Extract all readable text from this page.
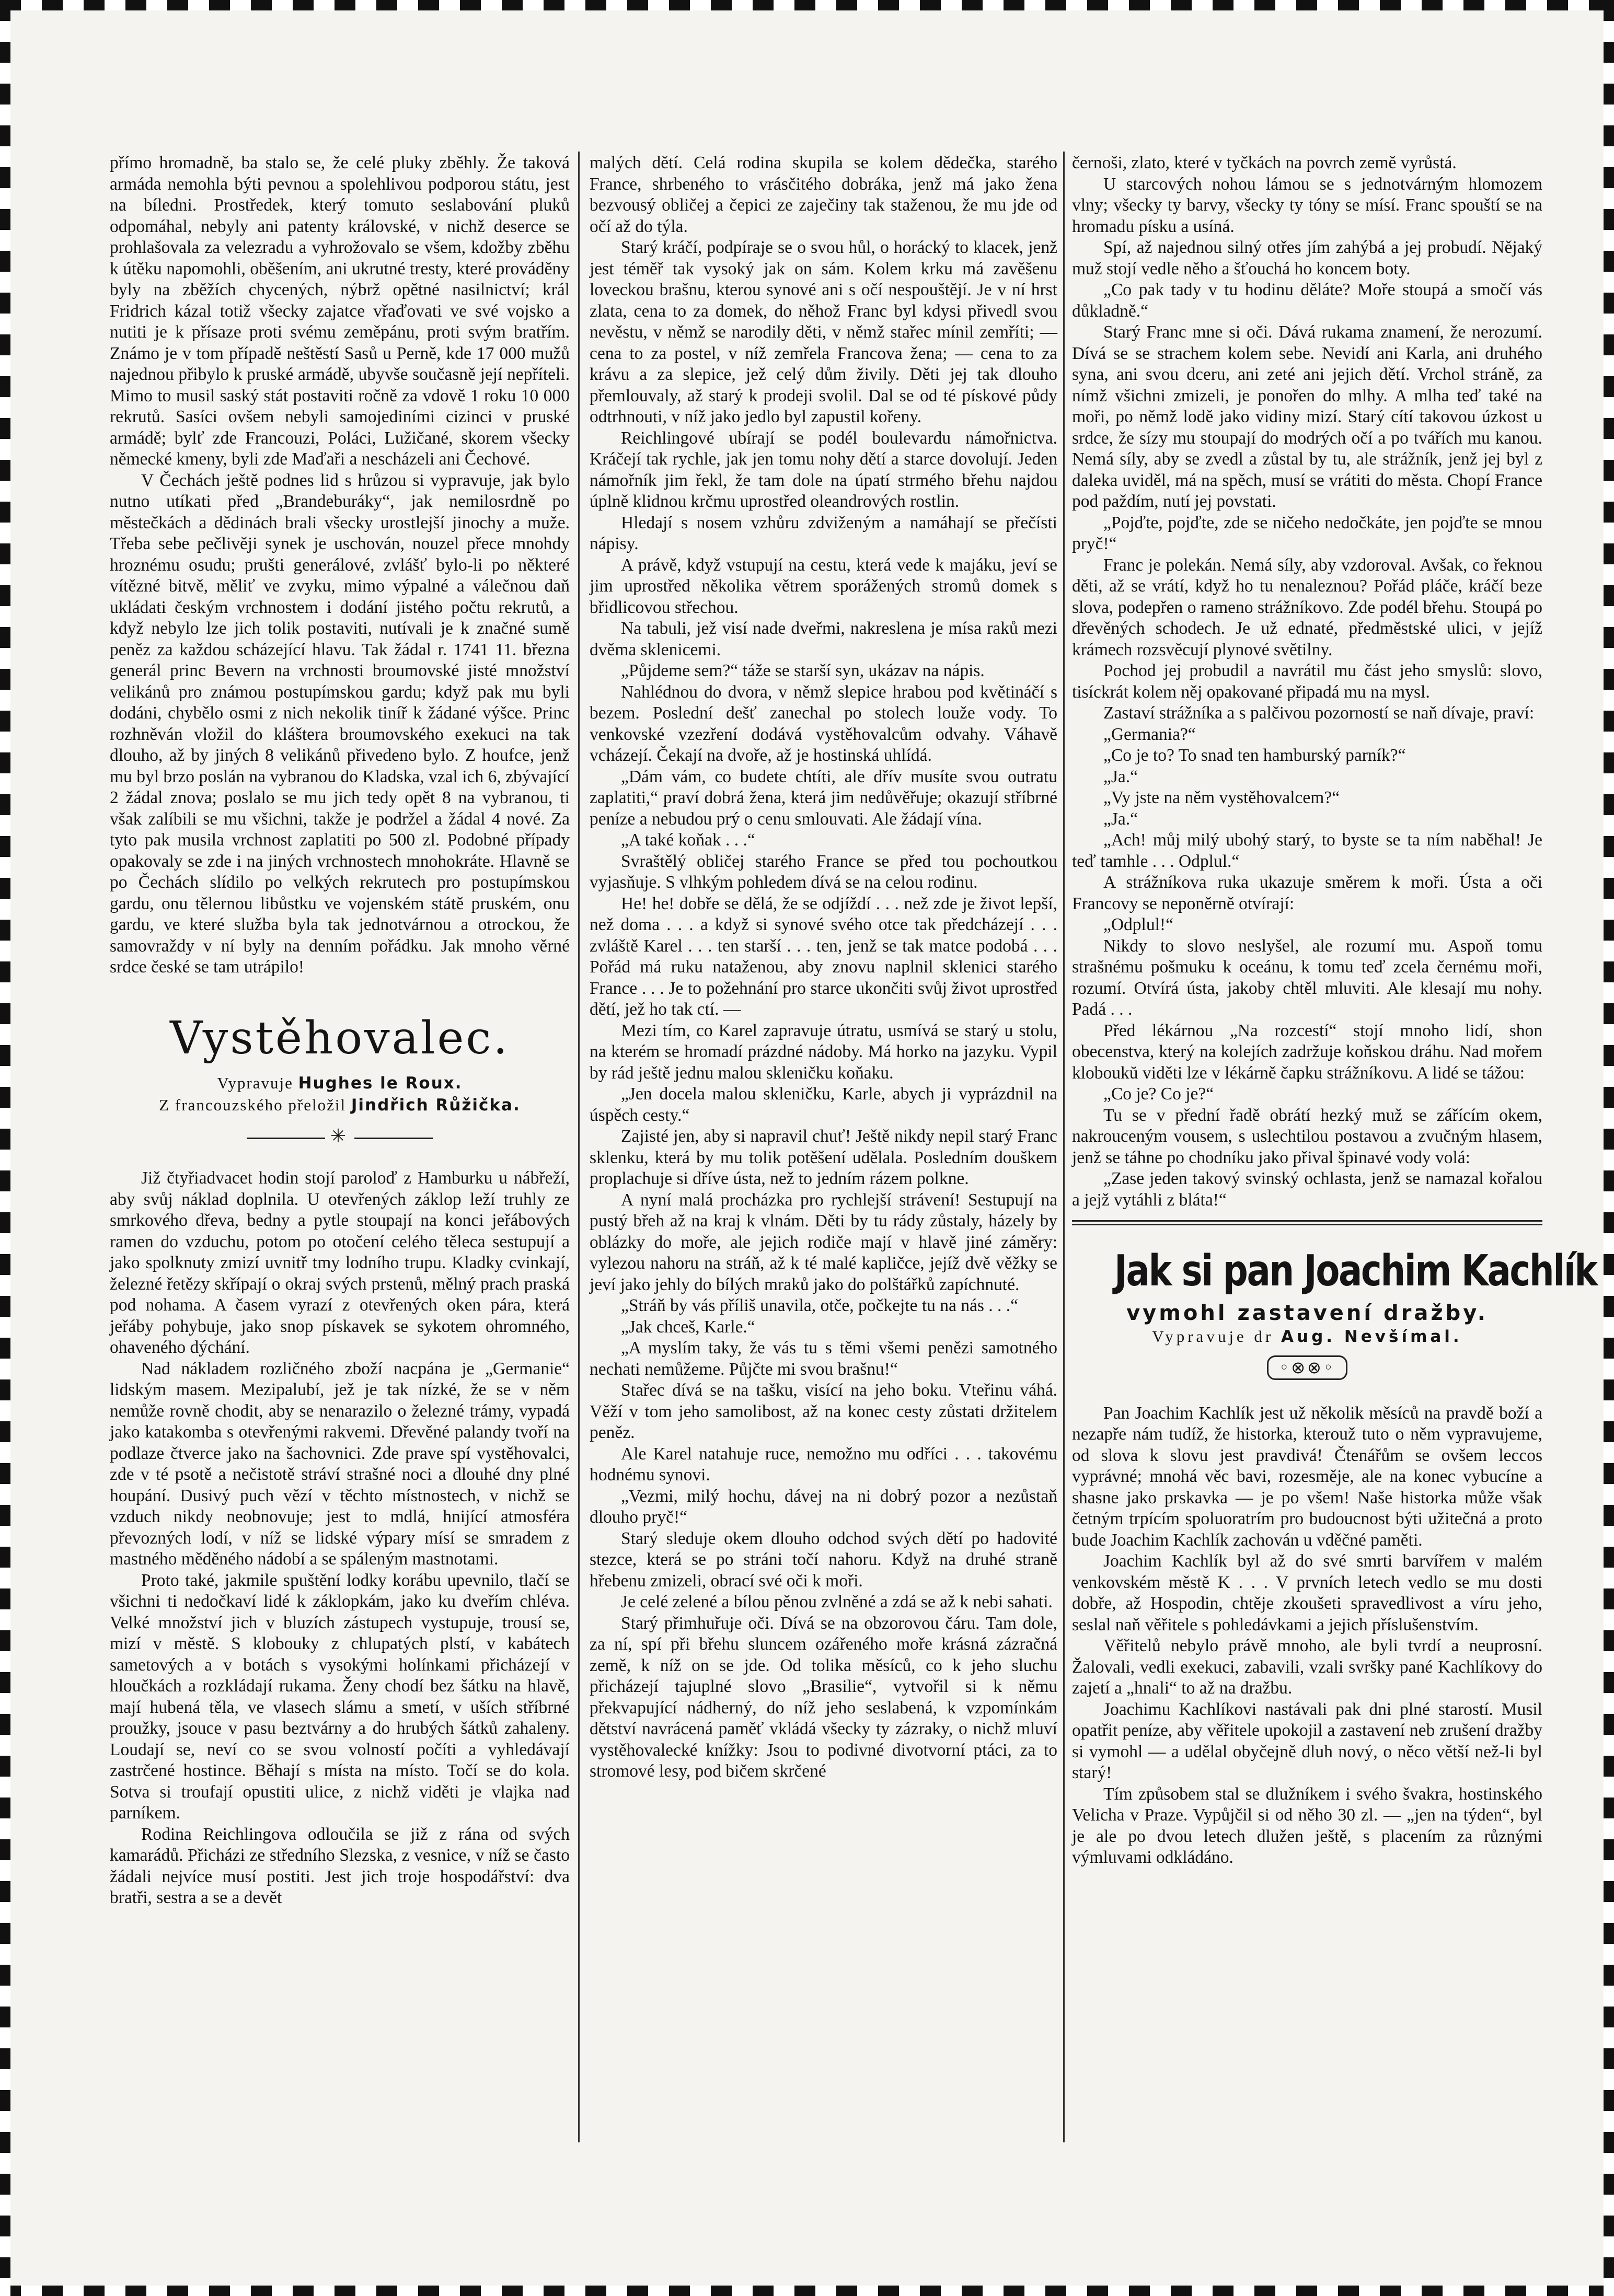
přímo hromadně, ba stalo se, že celé pluky zběhly. Že taková armáda nemohla býti pevnou a spolehlivou podporou státu, jest na bíledni. Prostředek, který tomuto seslabování pluků odpomáhal, nebyly ani patenty královské, v nichž deserce se prohlašovala za velezradu a vyhrožovalo se všem, kdožby zběhu k útěku napomohli, oběšením, ani ukrutné tresty, které prováděny byly na zběžích chycených, nýbrž opětné nasilnictví; král Fridrich kázal totiž všecky zajatce vřaďovati ve své vojsko a nutiti je k přísaze proti svému zeměpánu, proti svým bratřím. Známo je v tom případě neštěstí Sasů u Perně, kde 17 000 mužů najednou přibylo k pruské armádě, ubyvše současně její nepříteli. Mimo to musil saský stát postaviti ročně za vdově 1 roku 10 000 rekrutů. Sasíci ovšem nebyli samojediními cizinci v pruské armádě; bylť zde Francouzi, Poláci, Lužičané, skorem všecky německé kmeny, byli zde Maďaři a nescházeli ani Čechové.

V Čechách ještě podnes lid s hrůzou si vypravuje, jak bylo nutno utíkati před „Brandeburáky“, jak nemilosrdně po městečkách a dědinách brali všecky urostlejší jinochy a muže. Třeba sebe pečlivěji synek je uschován, nouzel přece mnohdy hroznému osudu; prušti generálové, zvlášť bylo-li po některé vítězné bitvě, měliť ve zvyku, mimo výpalné a válečnou daň ukládati českým vrchnostem i dodání jistého počtu rekrutů, a když nebylo lze jich tolik postaviti, nutívali je k značné sumě peněz za každou scházející hlavu. Tak žádal r. 1741 11. března generál princ Bevern na vrchnosti broumovské jisté množství velikánů pro známou postupímskou gardu; když pak mu byli dodáni, chybělo osmi z nich nekolik tiníř k žádané výšce. Princ rozhněván vložil do kláštera broumovského exekuci na tak dlouho, až by jiných 8 velikánů přivedeno bylo. Z houfce, jenž mu byl brzo poslán na vybranou do Kladska, vzal ich 6, zbývající 2 žádal znova; poslalo se mu jich tedy opět 8 na vybranou, ti však zalíbili se mu všichni, takže je podržel a žádal 4 nové. Za tyto pak musila vrchnost zaplatiti po 500 zl. Podobné případy opakovaly se zde i na jiných vrchnostech mnohokráte. Hlavně se po Čechách slídilo po velkých rekrutech pro postupímskou gardu, onu tělernou libůstku ve vojenském státě pruském, onu gardu, ve které služba byla tak jednotvárnou a otrockou, že samovraždy v ní byly na denním pořádku. Jak mnoho věrné srdce české se tam utrápilo!

Vystěhovalec.

Vypravuje Hughes le Roux.

Z francouzského přeložil Jindřich Růžička.

✳

Již čtyřiadvacet hodin stojí paroloď z Hamburku u nábřeží, aby svůj náklad doplnila. U otevřených záklop leží truhly ze smrkového dřeva, bedny a pytle stoupají na konci jeřábových ramen do vzduchu, potom po otočení celého těleса sestupují a jako spolknuty zmizí uvnitř tmy lodního trupu. Kladky cvinkají, železné řetězy skřípají o okraj svých prstenů, mělný prach praská pod nohama. A časem vyrazí z otevřených oken pára, která jeřáby pohybuje, jako snop pískavek se sykotem ohromného, ohaveného dýchání.

Nad nákladem rozličného zboží nacpána je „Germanie“ lidským masem. Mezipalubí, jež je tak nízké, že se v něm nemůže rovně chodit, aby se nenarazilo o železné trámy, vypadá jako katakomba s otevřenými rakvemi. Dřevěné palandy tvoří na podlaze čtverce jako na šachovnici. Zde prave spí vystěhovalci, zde v té psotě a nečistotě stráví strašné noci a dlouhé dny plné houpání. Dusivý puch vězí v těchto místnostech, v nichž se vzduch nikdy neobnovuje; jest to mdlá, hnijící atmosféra převozných lodí, v níž se lidské výpary mísí se smradem z mastného měděného nádobí a se spáleným mastnotami.

Proto také, jakmile spuštění lodky korábu upevnilo, tlačí se všichni ti nedočkaví lidé k záklopkám, jako ku dveřím chléva. Velké množství jich v bluzích zástupech vystupuje, trousí se, mizí v městě. S klobouky z chlupatých plstí, v kabátech sametových a v botách s vysokými holínkami přicházejí v hloučkách a rozkládají rukama. Ženy chodí bez šátku na hlavě, mají hubená těla, ve vlasech slámu a smetí, v uších stříbrné proužky, jsouce v pasu beztvárny a do hrubých šátků zahaleny. Loudají se, neví co se svou volností počíti a vyhledávají zastrčené hostince. Běhají s místa na místo. Točí se do kola. Sotva si troufají opustiti ulice, z nichž vidětі je vlajka nad parníkem.

Rodina Reichlingova odloučila se již z rána od svých kamarádů. Přicházi ze středního Slezska, z vesnice, v níž se často žádali nejvíce musí postiti. Jest jich troje hospodářství: dva bratři, sestra a se a devět

malých dětí. Celá rodina skupila se kolem dědečka, starého France, shrbeného to vrásčitého dobráka, jenž má jako žena bezvousý obličej a čepici ze zaječiny tak staženou, že mu jde od očí až do týla.

Starý kráčí, podpíraje se o svou hůl, o horácký to klacek, jenž jest téměř tak vysoký jak on sám. Kolem krku má zavěšenu loveckou brašnu, kterou synové ani s očí nespouštějí. Je v ní hrst zlata, cena to za domek, do něhož Franc byl kdysi přivedl svou nevěstu, v němž se narodily děti, v němž stařec mínil zemříti; — cena to za postel, v níž zemřela Francova žena; — cena to za krávu a za slepice, jež celý dům živily. Děti jej tak dlouho přemlouvaly, až starý k prodeji svolil. Dal se od té pískové půdy odtrhnouti, v níž jako jedlo byl zapustil kořeny.

Reichlingové ubírají se podél boulevardu námořnictva. Kráčejí tak rychle, jak jen tomu nohy dětí a starce dovolují. Jeden námořník jim řekl, že tam dole na úpatí strmého břehu najdou úplně klidnou krčmu uprostřed oleandrových rostlin.

Hledají s nosem vzhůru zdviženým a namáhají se přečísti nápisy.

A právě, když vstupují na cestu, která vede k majáku, jeví se jim uprostřed několika větrem sporážených stromů domek s břidlicovou střechou.

Na tabuli, jež visí nade dveřmi, nakreslena je mísa raků mezi dvěma sklenicemi.

„Půjdeme sem?“ táže se starší syn, ukázav na nápis.

Nahlédnou do dvora, v němž slepice hrabou pod květináčí s bezem. Poslední dešť zanechal po stolech louže vody. To venkovské vzezření dodává vystěhovalcům odvahy. Váhavě vcházejí. Čekají na dvoře, až je hostinská uhlídá.

„Dám vám, co budete chtíti, ale dřív musíte svou outratu zaplatiti,“ praví dobrá žena, která jim nedůvěřuje; okazují stříbrné peníze a nebudou prý o cenu smlouvati. Ale žádají vína.

„A také koňak . . .“

Svraštělý obličej starého France se před tou pochoutkou vyjasňuje. S vlhkým pohledem dívá se na celou rodinu.

He! he! dobře se dělá, že se odjíždí . . . než zde je život lepší, než doma . . . a když si synové svého otce tak předcházejí . . . zvláště Karel . . . ten starší . . . ten, jenž se tak matce podobá . . . Pořád má ruku nataženou, aby znovu naplnil sklenici starého France . . . Je to požehnání pro starce ukončiti svůj život uprostřed dětí, jež ho tak ctí. —

Mezi tím, co Karel zapravuje útratu, usmívá se starý u stolu, na kterém se hromadí prázdné nádoby. Má horko na jazyku. Vypil by rád ještě jednu malou skleničku koňaku.

„Jen docela malou skleničku, Karle, abych ji vyprázdnil na úspěch cesty.“

Zajisté jen, aby si napravil chuť! Ještě nikdy nepil starý Franc sklenku, která by mu tolik potěšení udělala. Posledním douškem proplachuje si dříve ústa, než to jedním rázem polkne.

A nyní malá procházka pro rychlejší strávení! Sestupují na pustý břeh až na kraj k vlnám. Děti by tu rády zůstaly, házely by oblázky do moře, ale jejich rodiče mají v hlavě jiné záměry: vylezou nahoru na stráň, až k té malé kapličce, jejíž dvě věžky se jeví jako jehly do bílých mraků jako do polštářků zapíchnuté.

„Stráň by vás příliš unavila, otče, počkejte tu na nás . . .“

„Jak chceš, Karle.“

„A myslím taky, že vás tu s těmi všemi penězi samotného nechati nemůžeme. Půjčte mi svou brašnu!“

Stařec dívá se na tašku, visící na jeho boku. Vteřinu váhá. Věží v tom jeho samolibost, až na konec cesty zůstati držitelem peněz.

Ale Karel natahuje ruce, nemožno mu odříci . . . takovému hodnému synovi.

„Vezmi, milý hochu, dávej na ni dobrý pozor a nezůstaň dlouho pryč!“

Starý sleduje okem dlouho odchod svých dětí po hadovité stezce, která se po stráni točí nahoru. Když na druhé straně hřebenu zmizeli, obrací své oči k moři.

Je celé zelené a bílou pěnou zvlněné a zdá se až k nebi sahati.

Starý přimhuřuje oči. Dívá se na obzorovou čáru. Tam dole, za ní, spí při břehu sluncem ozářeného moře krásná zázračná země, k níž on se jde. Od tolika měsíců, co k jeho sluchu přicházejí tajuplné slovo „Brasilie“, vytvořil si k němu překvapující nádherný, do níž jeho seslabená, k vzpomínkám dětství navrácená paměť vkládá všecky ty zázraky, o nichž mluví vystěhovalecké knížky: Jsou to podivné divotvorní ptáci, za to stromové lesy, pod bičem skrčené

černoši, zlato, které v tyčkách na povrch země vyrůstá.

U starcových nohou lámou se s jednotvárným hlomozem vlny; všecky ty barvy, všecky ty tóny se mísí. Franc spouští se na hromadu písku a usíná.

Spí, až najednou silný otřes jím zahýbá a jej probudí. Nějaký muž stojí vedle něho a šťouchá ho koncem boty.

„Co pak tady v tu hodinu děláte? Moře stoupá a smočí vás důkladně.“

Starý Franc mne si oči. Dává rukama znamení, že nerozumí. Dívá se se strachem kolem sebe. Nevidí ani Karla, ani druhého syna, ani svou dceru, ani zeté ani jejich dětí. Vrchol stráně, za nímž všichni zmizeli, je ponořen do mlhy. A mlha teď také na moři, po němž lodě jako vidiny mizí. Starý cítí takovou úzkost u srdce, že sízy mu stoupají do modrých očí a po tvářích mu kanou. Nemá síly, aby se zvedl a zůstal by tu, ale strážník, jenž jej byl z daleka uviděl, má na spěch, musí se vrátiti do města. Chopí France pod paždím, nutí jej povstati.

„Pojďte, pojďte, zde se ničeho nedočkáte, jen pojďte se mnou pryč!“

Franc je polekán. Nemá síly, aby vzdoroval. Avšak, co řeknou děti, až se vrátí, když ho tu nenaleznou? Pořád pláče, kráčí beze slova, podepřen o rameno strážníkovo. Zde podél břehu. Stoupá po dřevěných schodech. Je už ednaté, předměstské ulici, v jejíž krámech rozsvěcují plynové světilny.

Pochod jej probudil a navrátil mu část jeho smyslů: slovo, tisíckrát kolem něj opakované připadá mu na mysl.

Zastaví strážníka a s palčivou pozorností se naň dívaje, praví:

„Germania?“

„Co je to? To snad ten hamburský parník?“

„Ja.“

„Vy jste na něm vystěhovalcem?“

„Ja.“

„Ach! můj milý ubohý starý, to byste se ta ním naběhal! Je teď tamhle . . . Odplul.“

A strážníkova ruka ukazuje směrem k moři. Ústa a oči Francovy se neponěrně otvírají:

„Odplul!“

Nikdy to slovo neslyšel, ale rozumí mu. Aspoň tomu strašnému pošmuku k oceánu, k tomu teď zcela černému moři, rozumí. Otvírá ústa, jakoby chtěl mluviti. Ale klesají mu nohy. Padá . . .

Před lékárnou „Na rozcestí“ stojí mnoho lidí, shon obecenstva, který na kolejích zadržuje koňskou dráhu. Nad mořem kloboukŭ viděti lze v lékárně čapku strážníkovu. A lidé se tážou:

„Co je? Co je?“

Tu se v přední řadě obrátí hezký muž se zářícím okem, nakrouceným vousem, s uslechtilou postavou a zvučným hlasem, jenž se táhne po chodníku jako přival špinavé vody volá:

„Zase jeden takový svinský ochlasta, jenž se namazal kořalou a jejž vytáhli z bláta!“

Jak si pan Joachim Kachlík
vymohl zastavení dražby.
Vypravuje dr Aug. Nevšímal.
◦⊗⊗◦

Pan Joachim Kachlík jest už několik měsíců na pravdě boží a nezapře nám tudíž, že historka, kterouž tuto o něm vypravujeme, od slova k slovu jest pravdivá! Čtenářům se ovšem leccos vyprávné; mnohá věc bavi, rozesměje, ale na konec vybucíne a shasne jako prskavka — je po všem! Naše historka může však četným trpícím spoluoratrím pro budoucnost býti užitečná a proto bude Joachim Kachlík zachován u vděčné paměti.

Joachim Kachlík byl až do své smrti barvířem v malém venkovském městě K . . . V prvních letech vedlo se mu dosti dobře, až Hospodin, chtěje zkoušeti spravedlivost a víru jeho, seslal naň věřitele s pohledávkami a jejich příslušenstvím.

Věřitelů nebylo právě mnoho, ale byli tvrdí a neuprosní. Žalovali, vedli exekuci, zabavili, vzali svršky pané Kachlíkovy do zajetí a „hnali“ to až na dražbu.

Joachimu Kachlíkovi nastávali pak dni plné starostí. Musil opatřit peníze, aby věřitele upokojil a zastavení neb zrušení dražby si vymohl — a udělal obyčejně dluh nový, o něco větší než-li byl starý!

Tím způsobem stal se dlužníkem i svého švakra, hostinského Velicha v Praze. Vypůjčil si od něho 30 zl. — „jen na týden“, byl je ale po dvou letech dlužen ještě, s placením za různými výmluvami odkládáno.
